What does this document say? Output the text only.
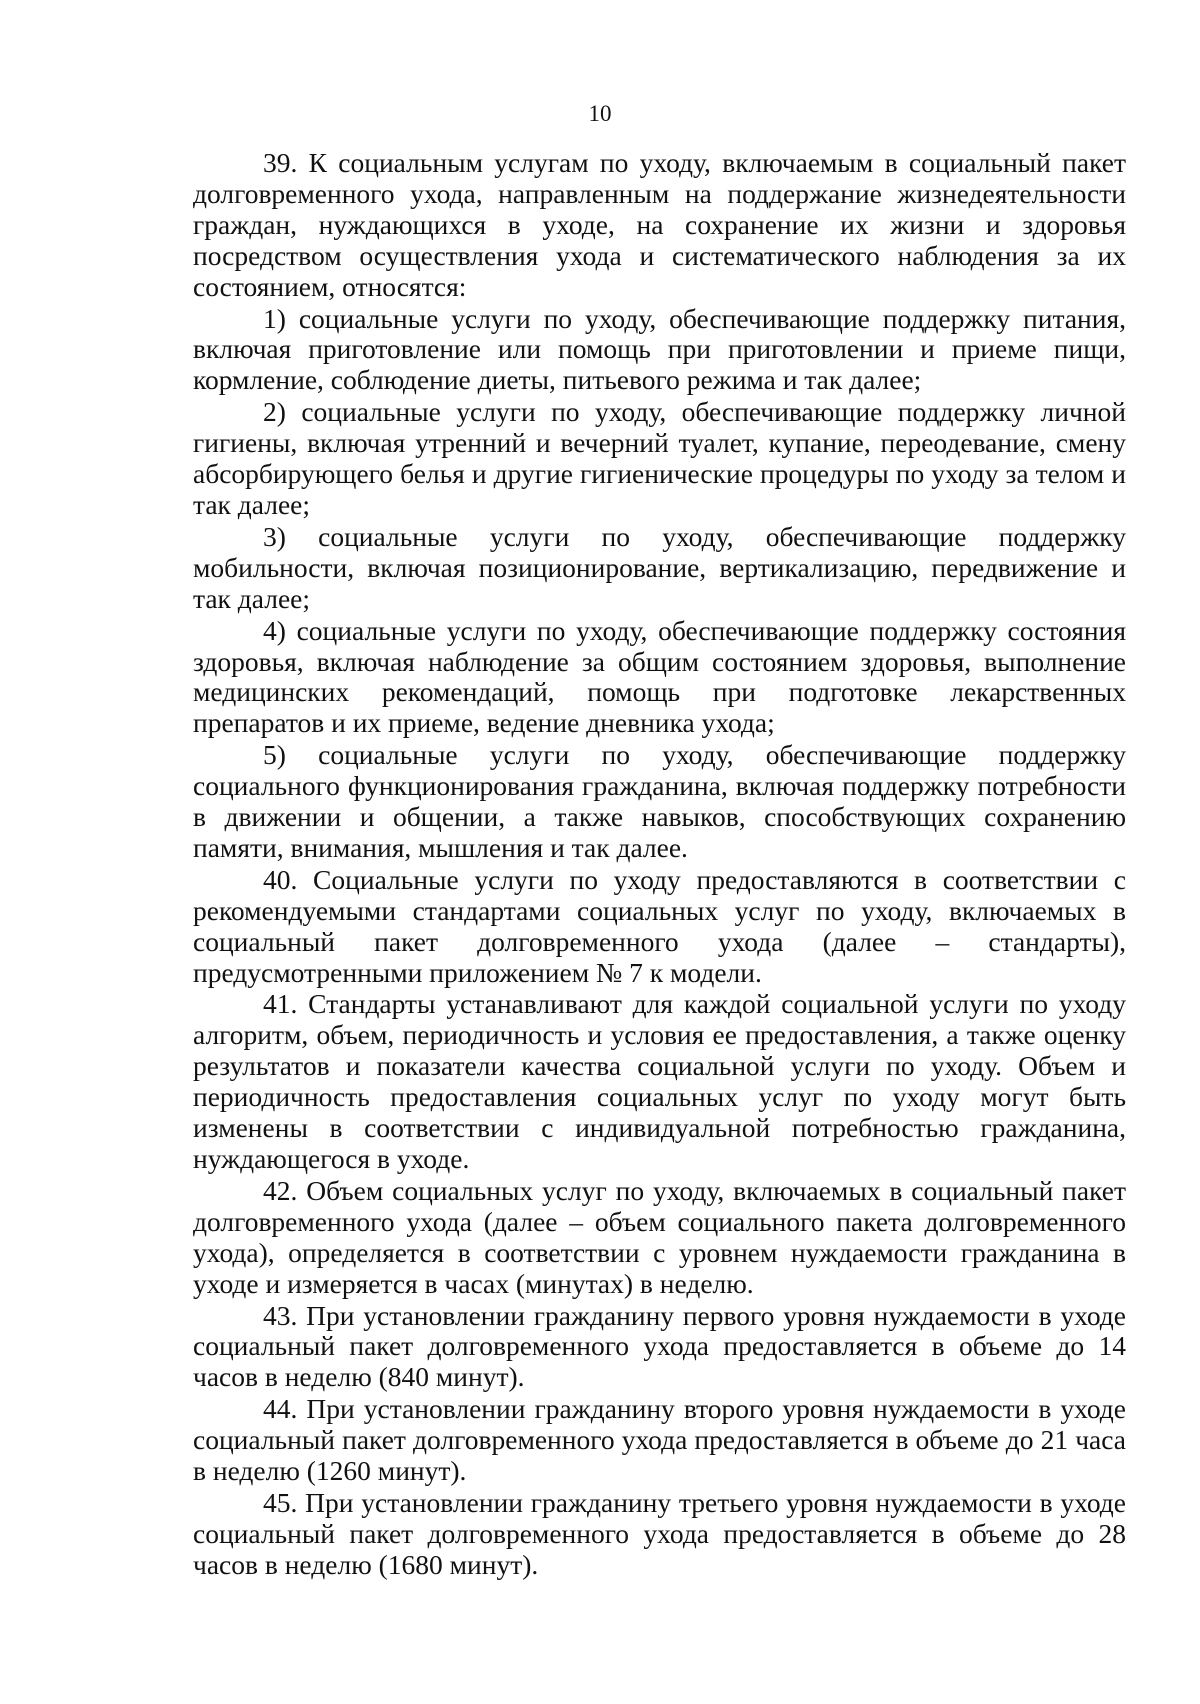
10

39. К социальным услугам по уходу, включаемым в социальный пакет долговременного ухода, направленным на поддержание жизнедеятельности граждан, нуждающихся в уходе, на сохранение их жизни и здоровья посредством осуществления ухода и систематического наблюдения за их состоянием, относятся:

1) социальные услуги по уходу, обеспечивающие поддержку питания, включая приготовление или помощь при приготовлении и приеме пищи, кормление, соблюдение диеты, питьевого режима и так далее;

2) социальные услуги по уходу, обеспечивающие поддержку личной гигиены, включая утренний и вечерний туалет, купание, переодевание, смену абсорбирующего белья и другие гигиенические процедуры по уходу за телом и так далее;

3) социальные услуги по уходу, обеспечивающие поддержку мобильности, включая позиционирование, вертикализацию, передвижение и так далее;

4) социальные услуги по уходу, обеспечивающие поддержку состояния здоровья, включая наблюдение за общим состоянием здоровья, выполнение медицинских рекомендаций, помощь при подготовке лекарственных препаратов и их приеме, ведение дневника ухода;

5) социальные услуги по уходу, обеспечивающие поддержку социального функционирования гражданина, включая поддержку потребности в движении и общении, а также навыков, способствующих сохранению памяти, внимания, мышления и так далее.

40. Социальные услуги по уходу предоставляются в соответствии с рекомендуемыми стандартами социальных услуг по уходу, включаемых в социальный пакет долговременного ухода (далее – стандарты), предусмотренными приложением № 7 к модели.

41. Стандарты устанавливают для каждой социальной услуги по уходу алгоритм, объем, периодичность и условия ее предоставления, а также оценку результатов и показатели качества социальной услуги по уходу. Объем и периодичность предоставления социальных услуг по уходу могут быть изменены в соответствии с индивидуальной потребностью гражданина, нуждающегося в уходе.

42. Объем социальных услуг по уходу, включаемых в социальный пакет долговременного ухода (далее – объем социального пакета долговременного ухода), определяется в соответствии с уровнем нуждаемости гражданина в уходе и измеряется в часах (минутах) в неделю.

43. При установлении гражданину первого уровня нуждаемости в уходе социальный пакет долговременного ухода предоставляется в объеме до 14 часов в неделю (840 минут).

44. При установлении гражданину второго уровня нуждаемости в уходе социальный пакет долговременного ухода предоставляется в объеме до 21 часа в неделю (1260 минут).

45. При установлении гражданину третьего уровня нуждаемости в уходе социальный пакет долговременного ухода предоставляется в объеме до 28 часов в неделю (1680 минут).
